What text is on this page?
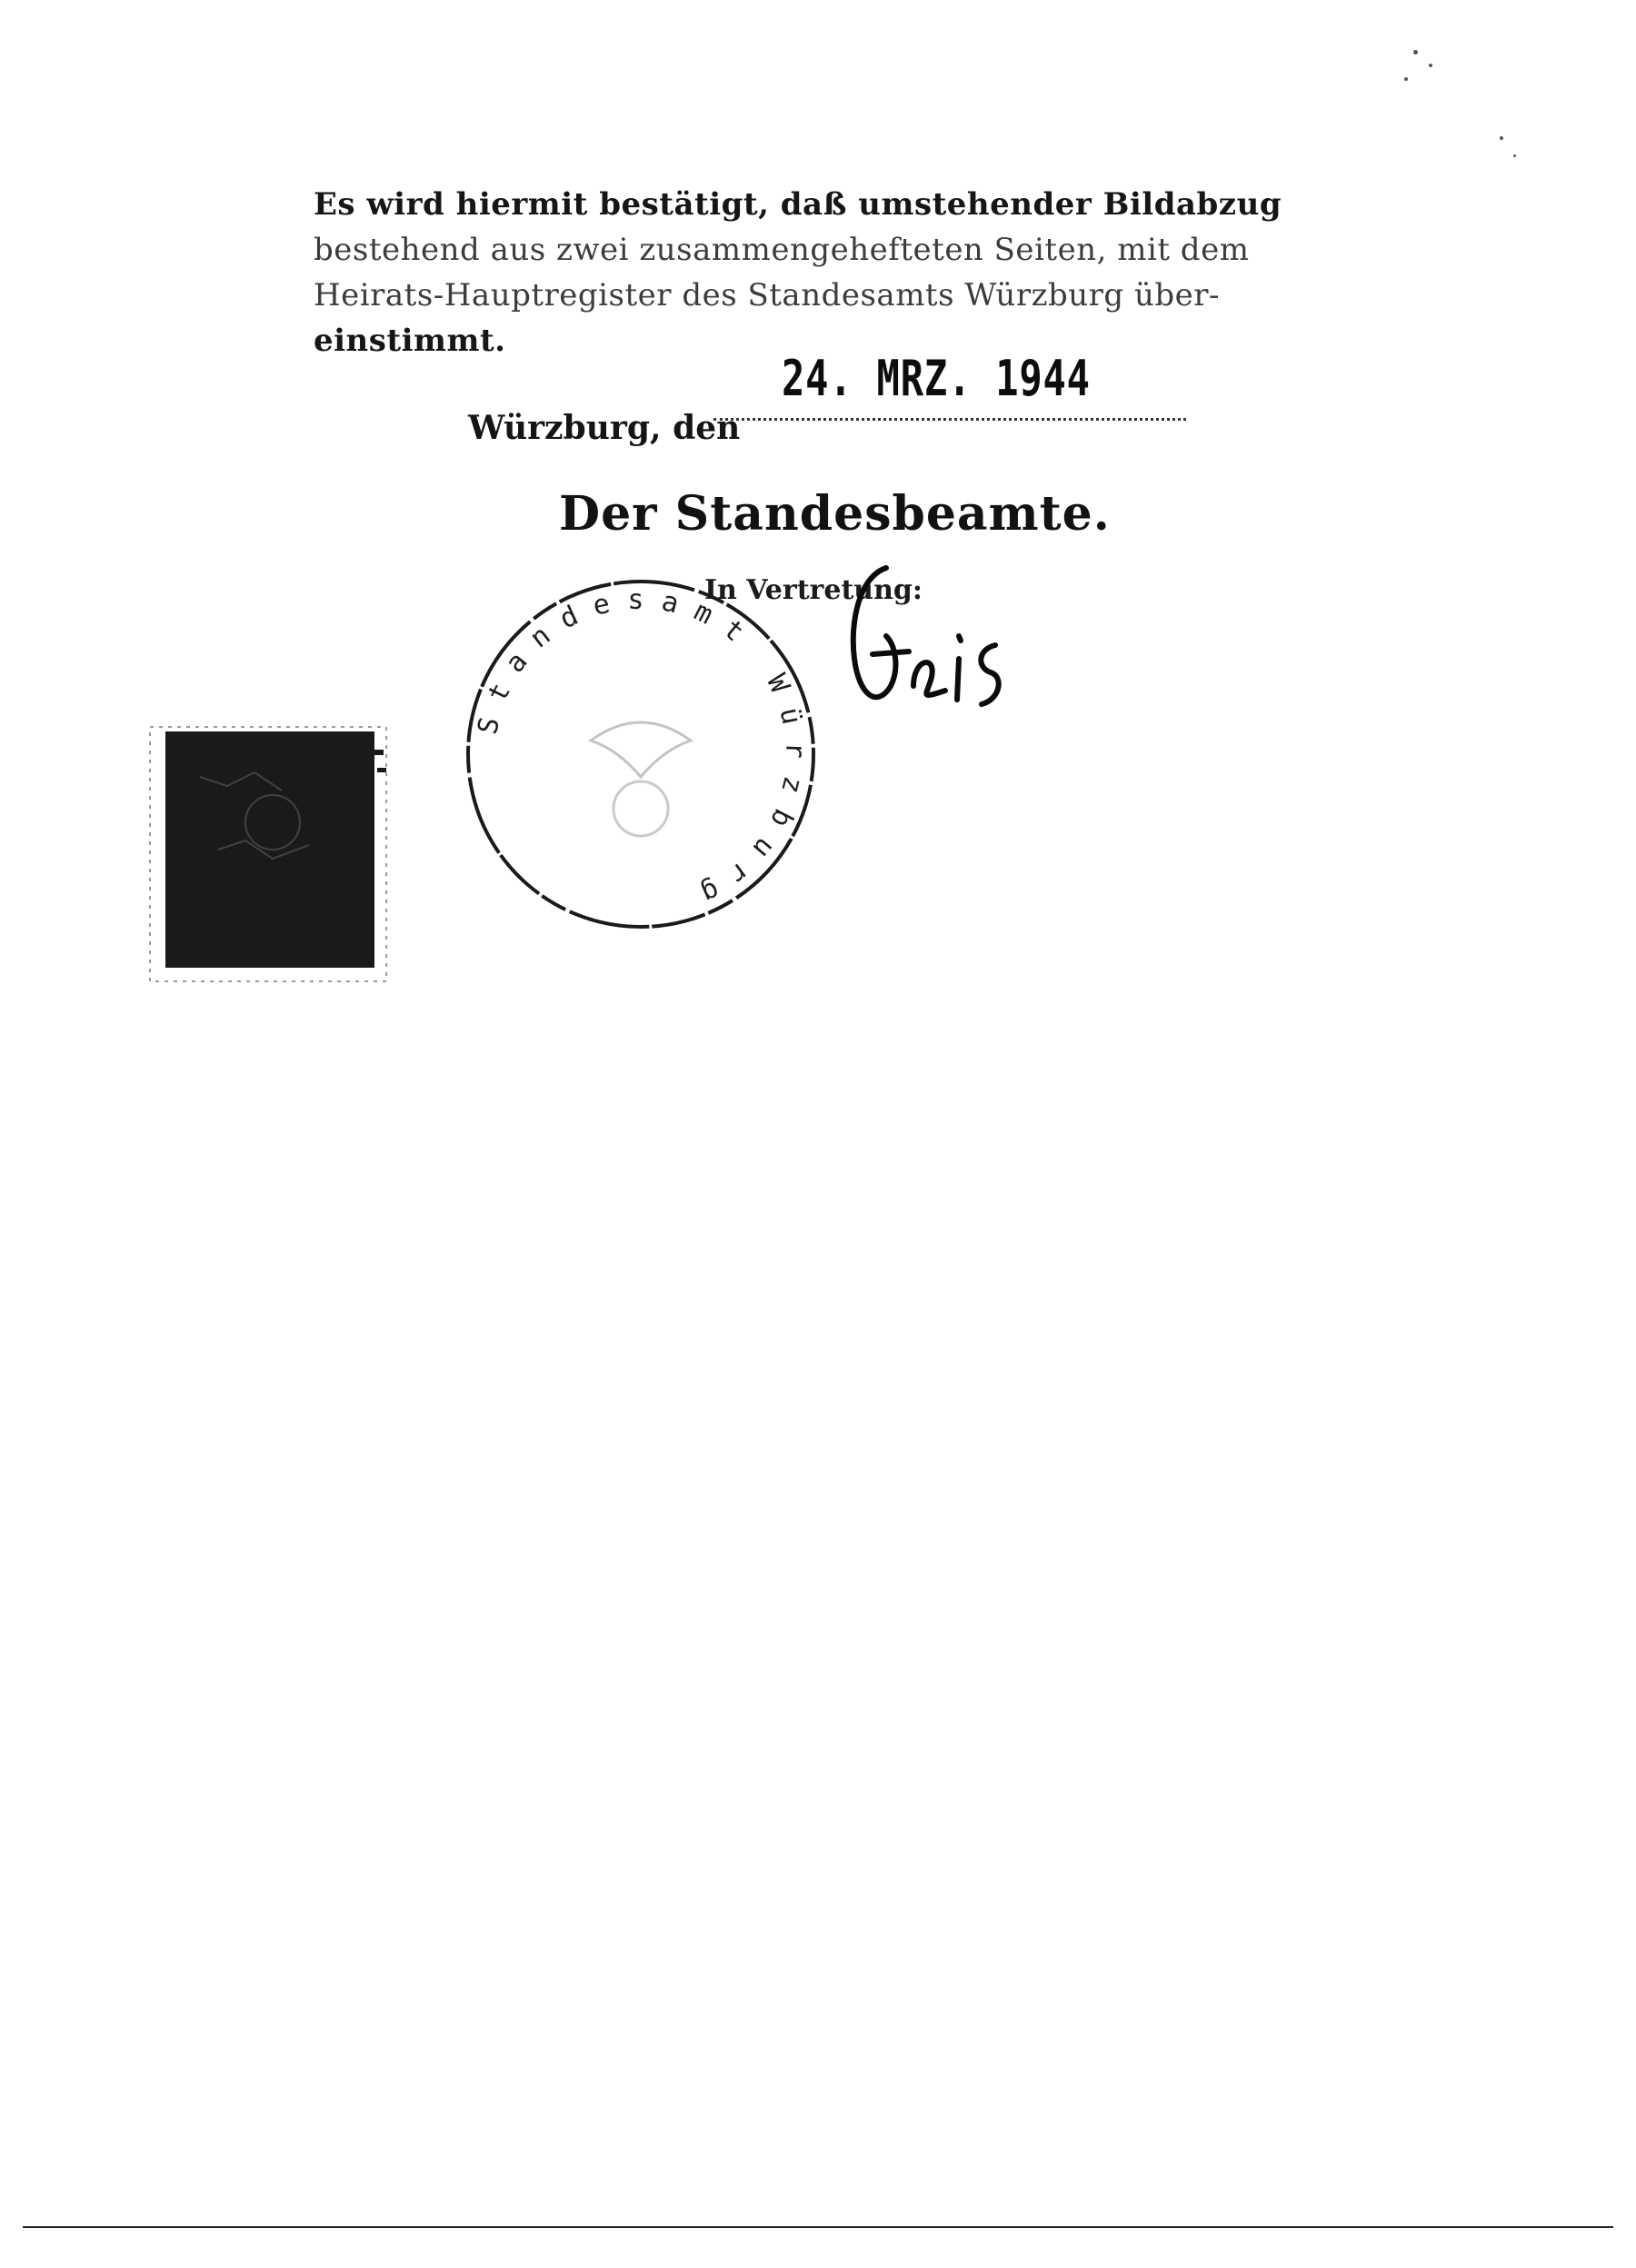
Es wird hiermit bestätigt, daß umstehender Bildabzug
bestehend aus zwei zusammengehefteten Seiten, mit dem
Heirats-Hauptregister des Standesamts Würzburg über-
einstimmt.
24. MRZ. 1944
Würzburg, den
Der Standesbeamte.
In Vertretung:
Standesamt Würzburg
Geis
